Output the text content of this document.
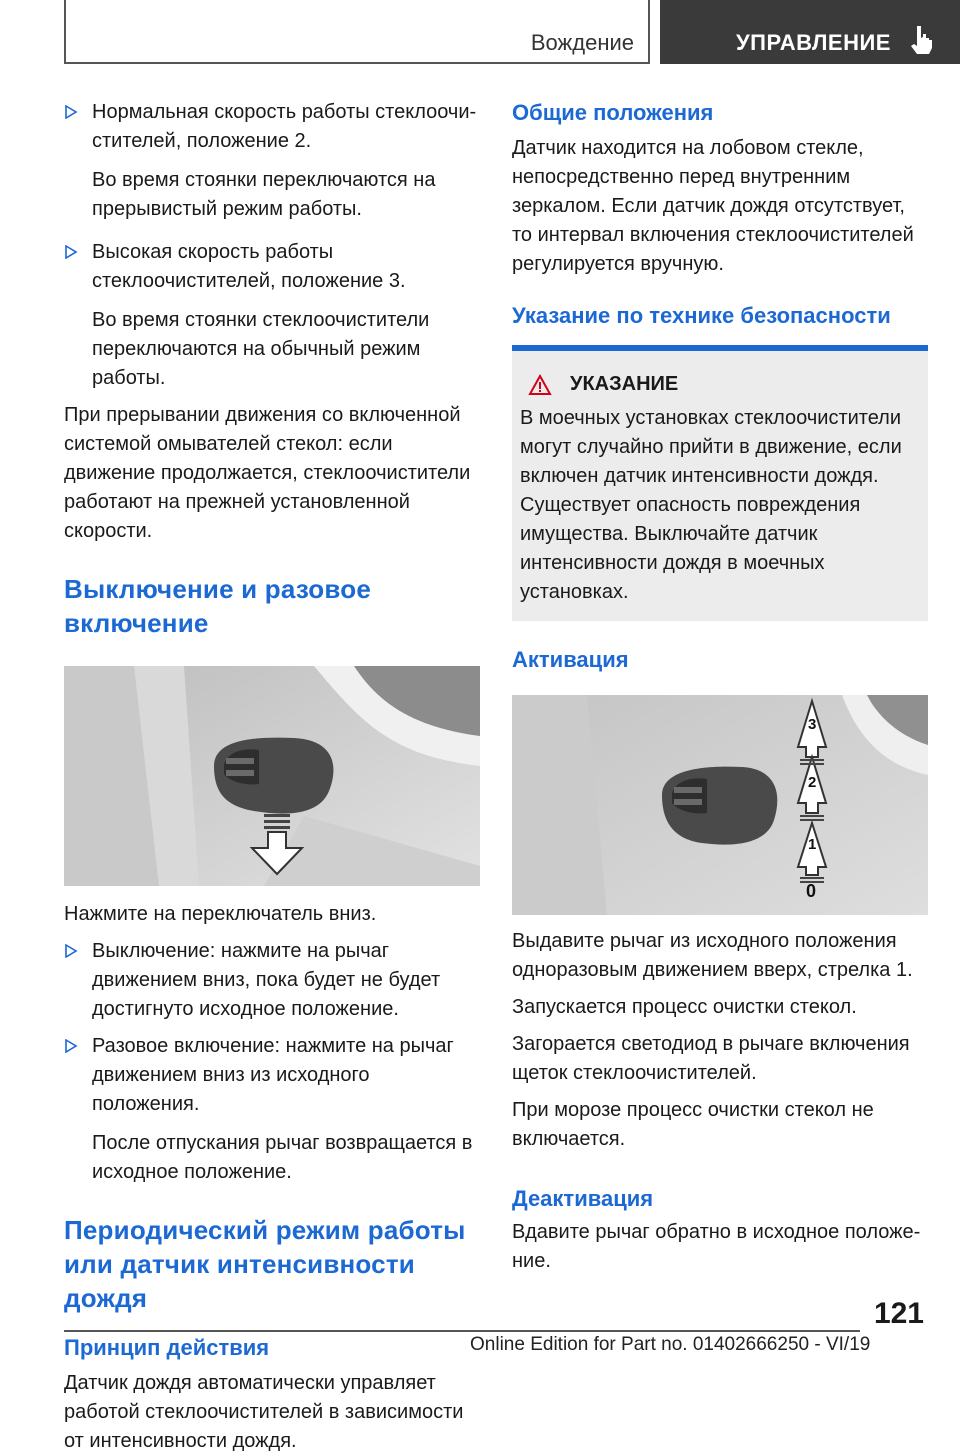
Вождение	УПРАВЛЕНИЕ

Нормальная скорость работы стеклоочистителей, положение 2.

Во время стоянки переключаются на прерывистый режим работы.

Высокая скорость работы стеклоочистителей, положение 3.

Во время стоянки стеклоочистители переключаются на обычный режим работы.

При прерывании движения со включенной системой омывателей стекол: если движение продолжается, стеклоочистители работают на прежней установленной скорости.

Выключение и разовое включение

Нажмите на переключатель вниз.

Выключение: нажмите на рычаг движением вниз, пока будет не будет достигнуто исходное положение.

Разовое включение: нажмите на рычаг движением вниз из исходного положения.

После отпускания рычаг возвращается в исходное положение.

Периодический режим работы или датчик интенсивности дождя
Принцип действия

Датчик дождя автоматически управляет работой стеклоочистителей в зависимости от интенсивности дождя.

Общие положения

Датчик находится на лобовом стекле, непосредственно перед внутренним зеркалом. Если датчик дождя отсутствует, то интервал включения стеклоочистителей регулируется вручную.

Указание по технике безопасности
УКАЗАНИЕ

В моечных установках стеклоочистители могут случайно прийти в движение, если включен датчик интенсивности дождя. Существует опасность повреждения имущества. Выключайте датчик интенсивности дождя в моечных установках.

Активация
3
2
1
0

Выдавите рычаг из исходного положения одноразовым движением вверх, стрелка 1.

Запускается процесс очистки стекол.

Загорается светодиод в рычаге включения щеток стеклоочистителей.

При морозе процесс очистки стекол не включается.

Деактивация

Вдавите рычаг обратно в исходное положение.

121
Online Edition for Part no. 01402666250 - VI/19
